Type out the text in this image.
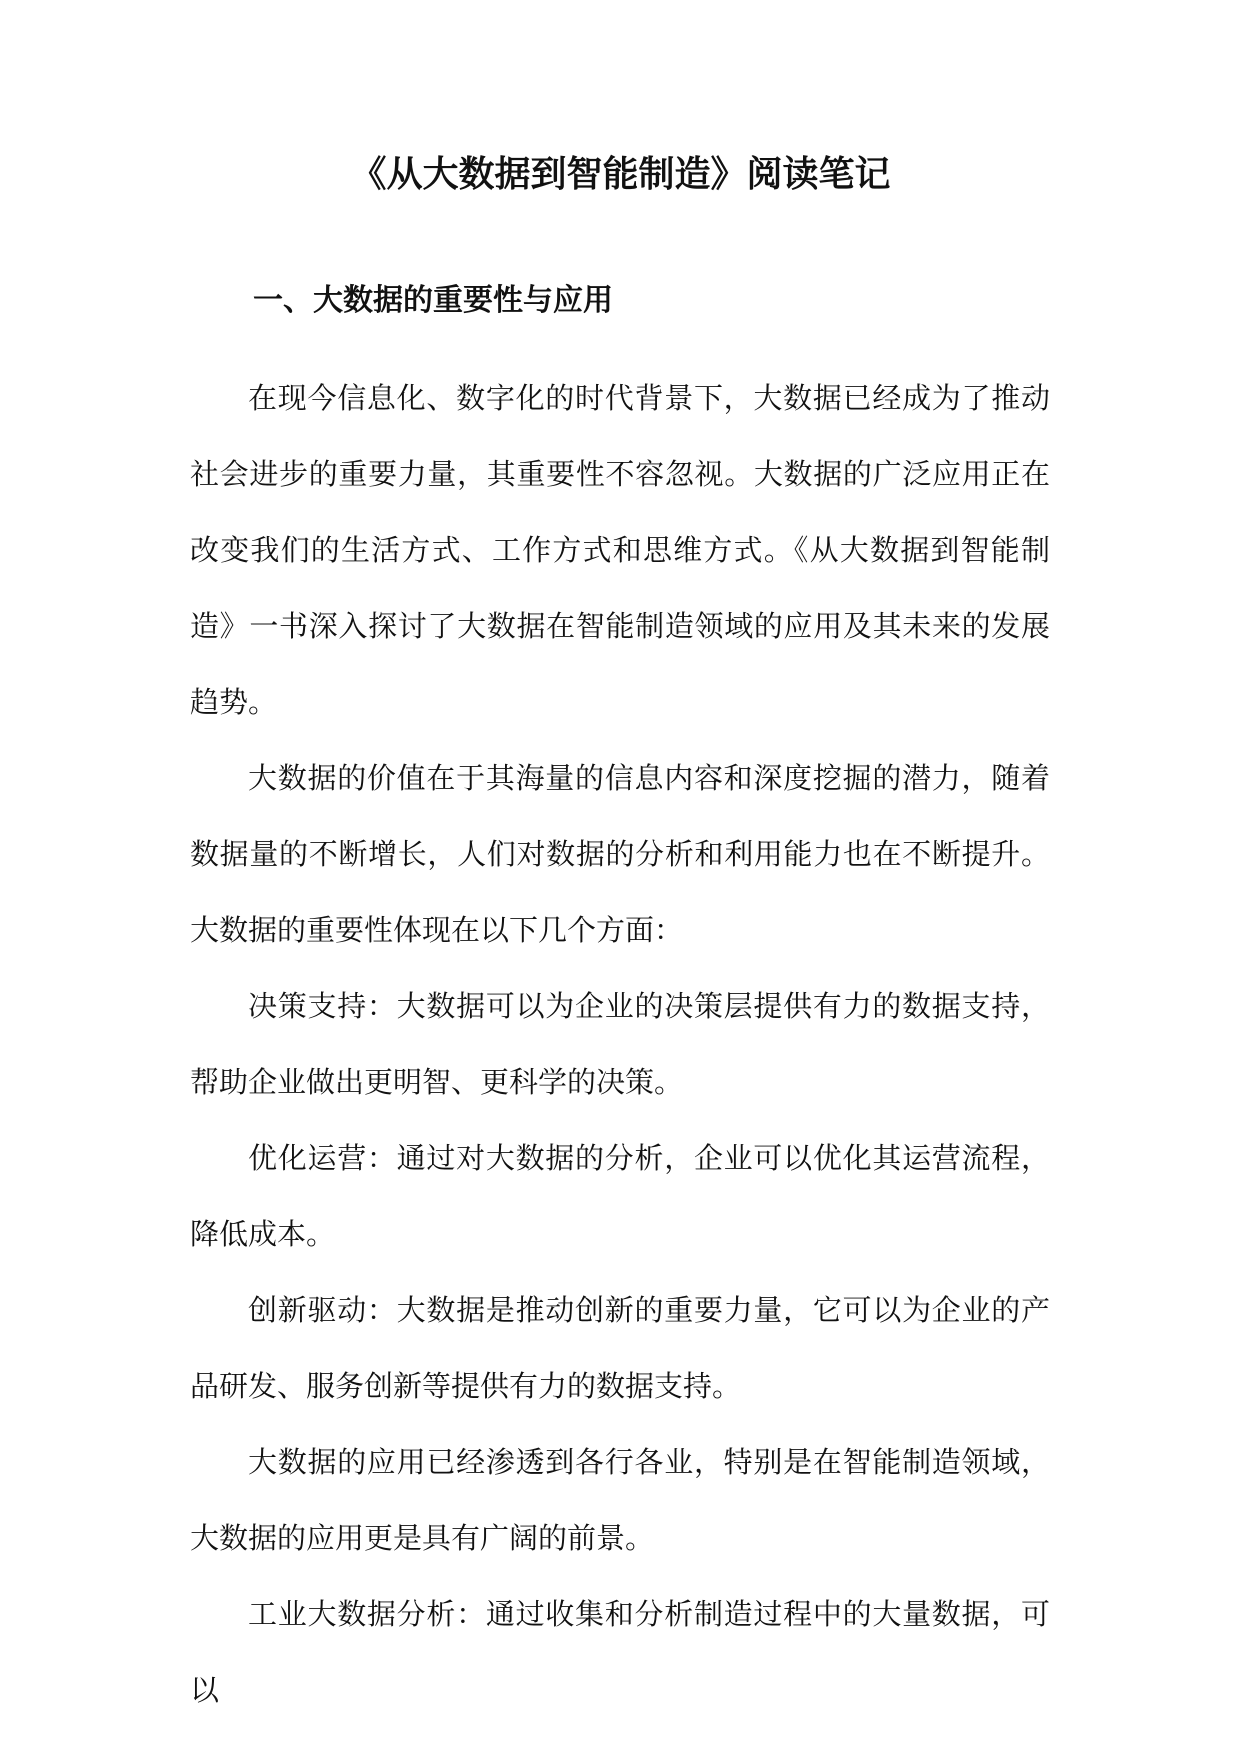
《从大数据到智能制造》阅读笔记
一、大数据的重要性与应用

在现今信息化、数字化的时代背景下，大数据已经成为了推动社会进步的重要力量，其重要性不容忽视。大数据的广泛应用正在改变我们的生活方式、工作方式和思维方式。《从大数据到智能制造》一书深入探讨了大数据在智能制造领域的应用及其未来的发展趋势。

大数据的价值在于其海量的信息内容和深度挖掘的潜力，随着数据量的不断增长，人们对数据的分析和利用能力也在不断提升。大数据的重要性体现在以下几个方面：

决策支持：大数据可以为企业的决策层提供有力的数据支持，帮助企业做出更明智、更科学的决策。

优化运营：通过对大数据的分析，企业可以优化其运营流程，降低成本。

创新驱动：大数据是推动创新的重要力量，它可以为企业的产品研发、服务创新等提供有力的数据支持。

大数据的应用已经渗透到各行各业，特别是在智能制造领域，大数据的应用更是具有广阔的前景。

工业大数据分析：通过收集和分析制造过程中的大量数据，可以
